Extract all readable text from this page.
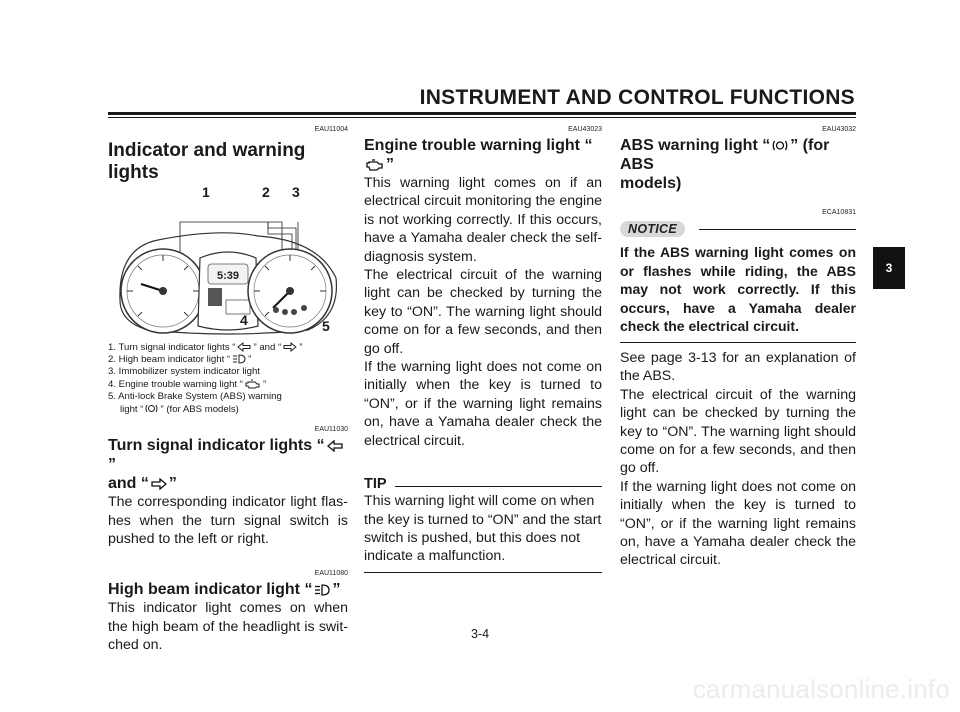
INSTRUMENT AND CONTROL FUNCTIONS
EAU11004
Indicator and warning lights
5:39
1	2 3
4	5
1. Turn signal indicator lights “ ” and “ ”
2. High beam indicator light “ ”
3. Immobilizer system indicator light
4. Engine trouble warning light “ ”
5. Anti-lock Brake System (ABS) warning
light “ ” (for ABS models)
EAU11030
Turn signal indicator lights “”
and “ ”

The corresponding indicator light flas-hes when the turn signal switch is pushed to the left or right.

EAU11080
High beam indicator light “ ”

This indicator light comes on when the high beam of the headlight is swit-ched on.

EAU43023
Engine trouble warning light “”

This warning light comes on if an electrical circuit monitoring the engine is not working correctly. If this occurs, have a Yamaha dealer check the self-diagnosis system.

The electrical circuit of the warning light can be checked by turning the key to “ON”. The warning light should come on for a few seconds, and then go off.

If the warning light does not come on initially when the key is turned to “ON”, or if the warning light remains on, have a Yamaha dealer check the electrical circuit.

TIP

This warning light will come on when the key is turned to “ON” and the start switch is pushed, but this does not indicate a malfunction.

EAU43032
ABS warning light “ ” (for ABS
models)
ECA10831
NOTICE
If the ABS warning light comes on or flashes while riding, the ABS may not work correctly. If this occurs, have a Yamaha dealer check the electrical circuit.

See page 3-13 for an explanation of the ABS.

The electrical circuit of the warning light can be checked by turning the key to “ON”. The warning light should come on for a few seconds, and then go off.

If the warning light does not come on initially when the key is turned to “ON”, or if the warning light remains on, have a Yamaha dealer check the electrical circuit.

3
3-4
carmanualsonline.info
